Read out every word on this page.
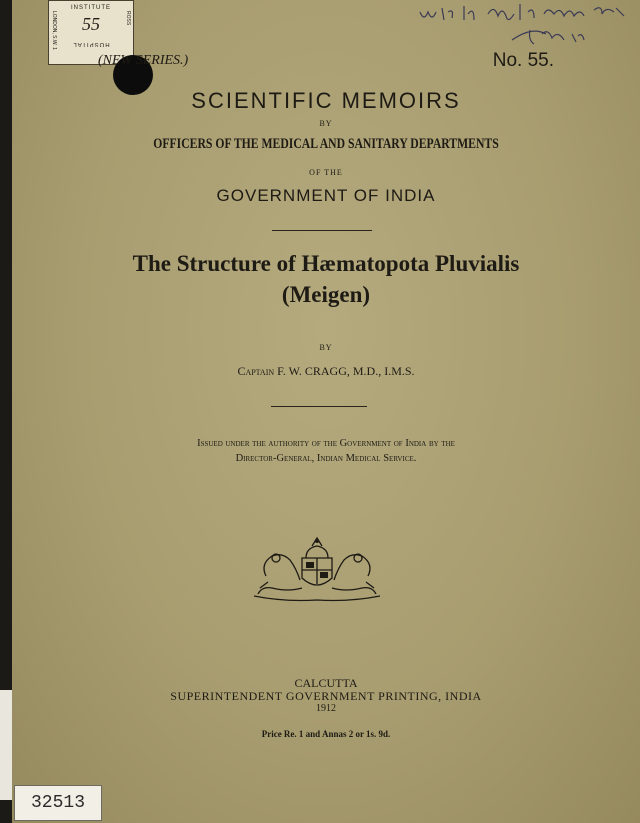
INSTITUTE
55
HOSPITAL
LONDON, S.W. 1	ROSS
(NEW SERIES.)	No. 55.
SCIENTIFIC MEMOIRS
BY
OFFICERS OF THE MEDICAL AND SANITARY DEPARTMENTS
OF THE
GOVERNMENT OF INDIA
The Structure of Hæmatopota Pluvialis
(Meigen)
BY
Captain F. W. CRAGG, M.D., I.M.S.
Issued under the authority of the Government of India by the
Director-General, Indian Medical Service.
CALCUTTA
SUPERINTENDENT GOVERNMENT PRINTING, INDIA
1912
Price Re. 1 and Annas 2 or 1s. 9d.
32513
